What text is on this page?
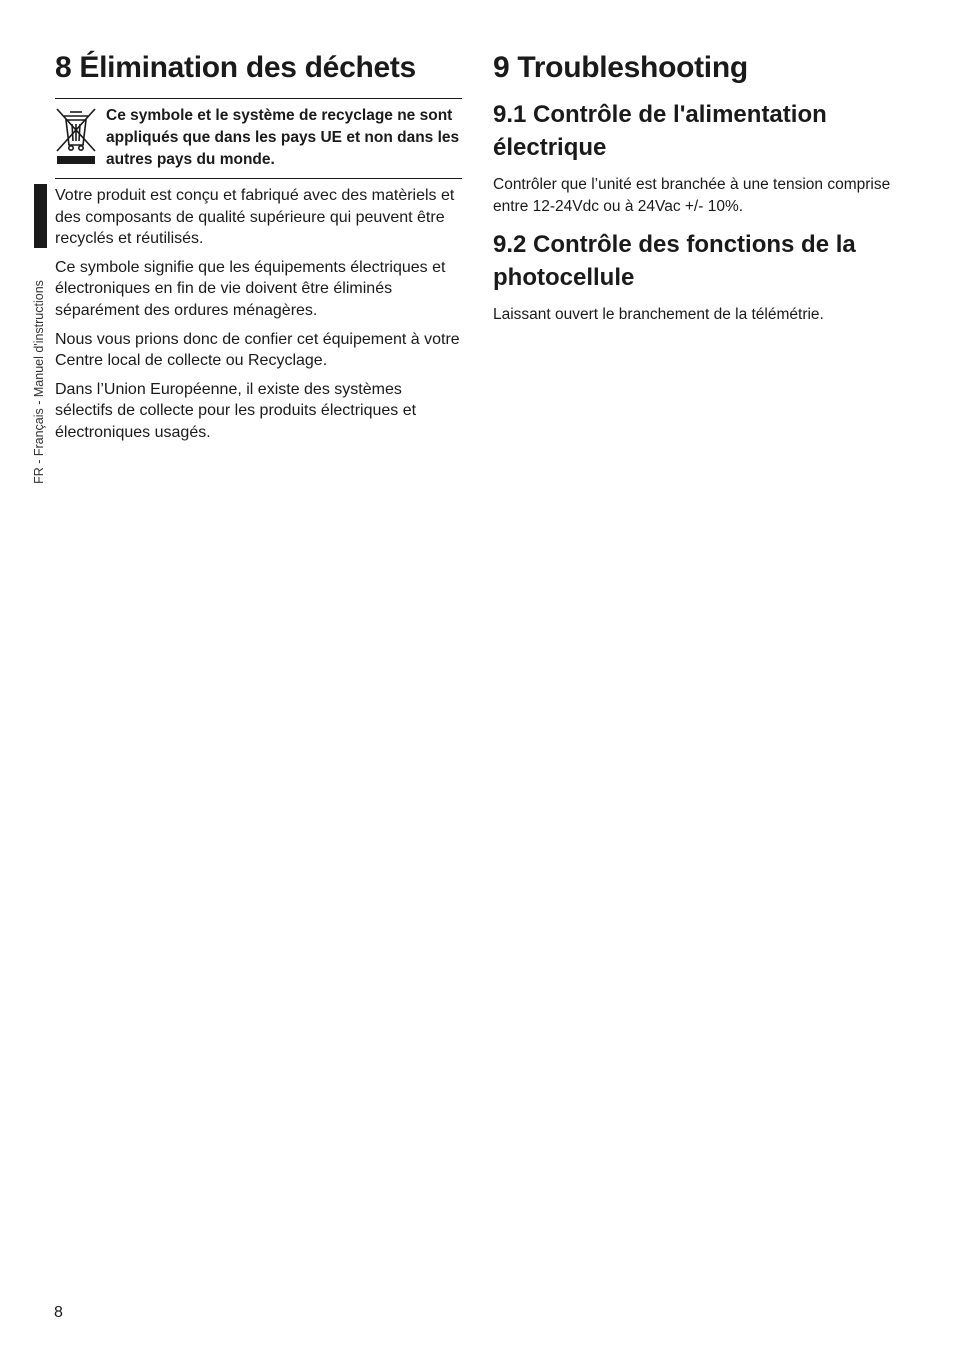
FR - Français - Manuel d'instructions
8 Élimination des déchets
Ce symbole et le système de recyclage ne sont appliqués que dans les pays UE et non dans les autres pays du monde.

Votre produit est conçu et fabriqué avec des matèriels et des composants de qualité supérieure qui peuvent être recyclés et réutilisés.

Ce symbole signifie que les équipements électriques et électroniques en fin de vie doivent être éliminés séparément des ordures ménagères.

Nous vous prions donc de confier cet équipement à votre Centre local de collecte ou Recyclage.

Dans l’Union Européenne, il existe des systèmes sélectifs de collecte pour les produits électriques et électroniques usagés.

9 Troubleshooting
9.1 Contrôle de l'alimentation électrique

Contrôler que l’unité est branchée à une tension comprise entre 12-24Vdc ou à 24Vac +/- 10%.

9.2 Contrôle des fonctions de la photocellule

Laissant ouvert le branchement de la télémétrie.

8
